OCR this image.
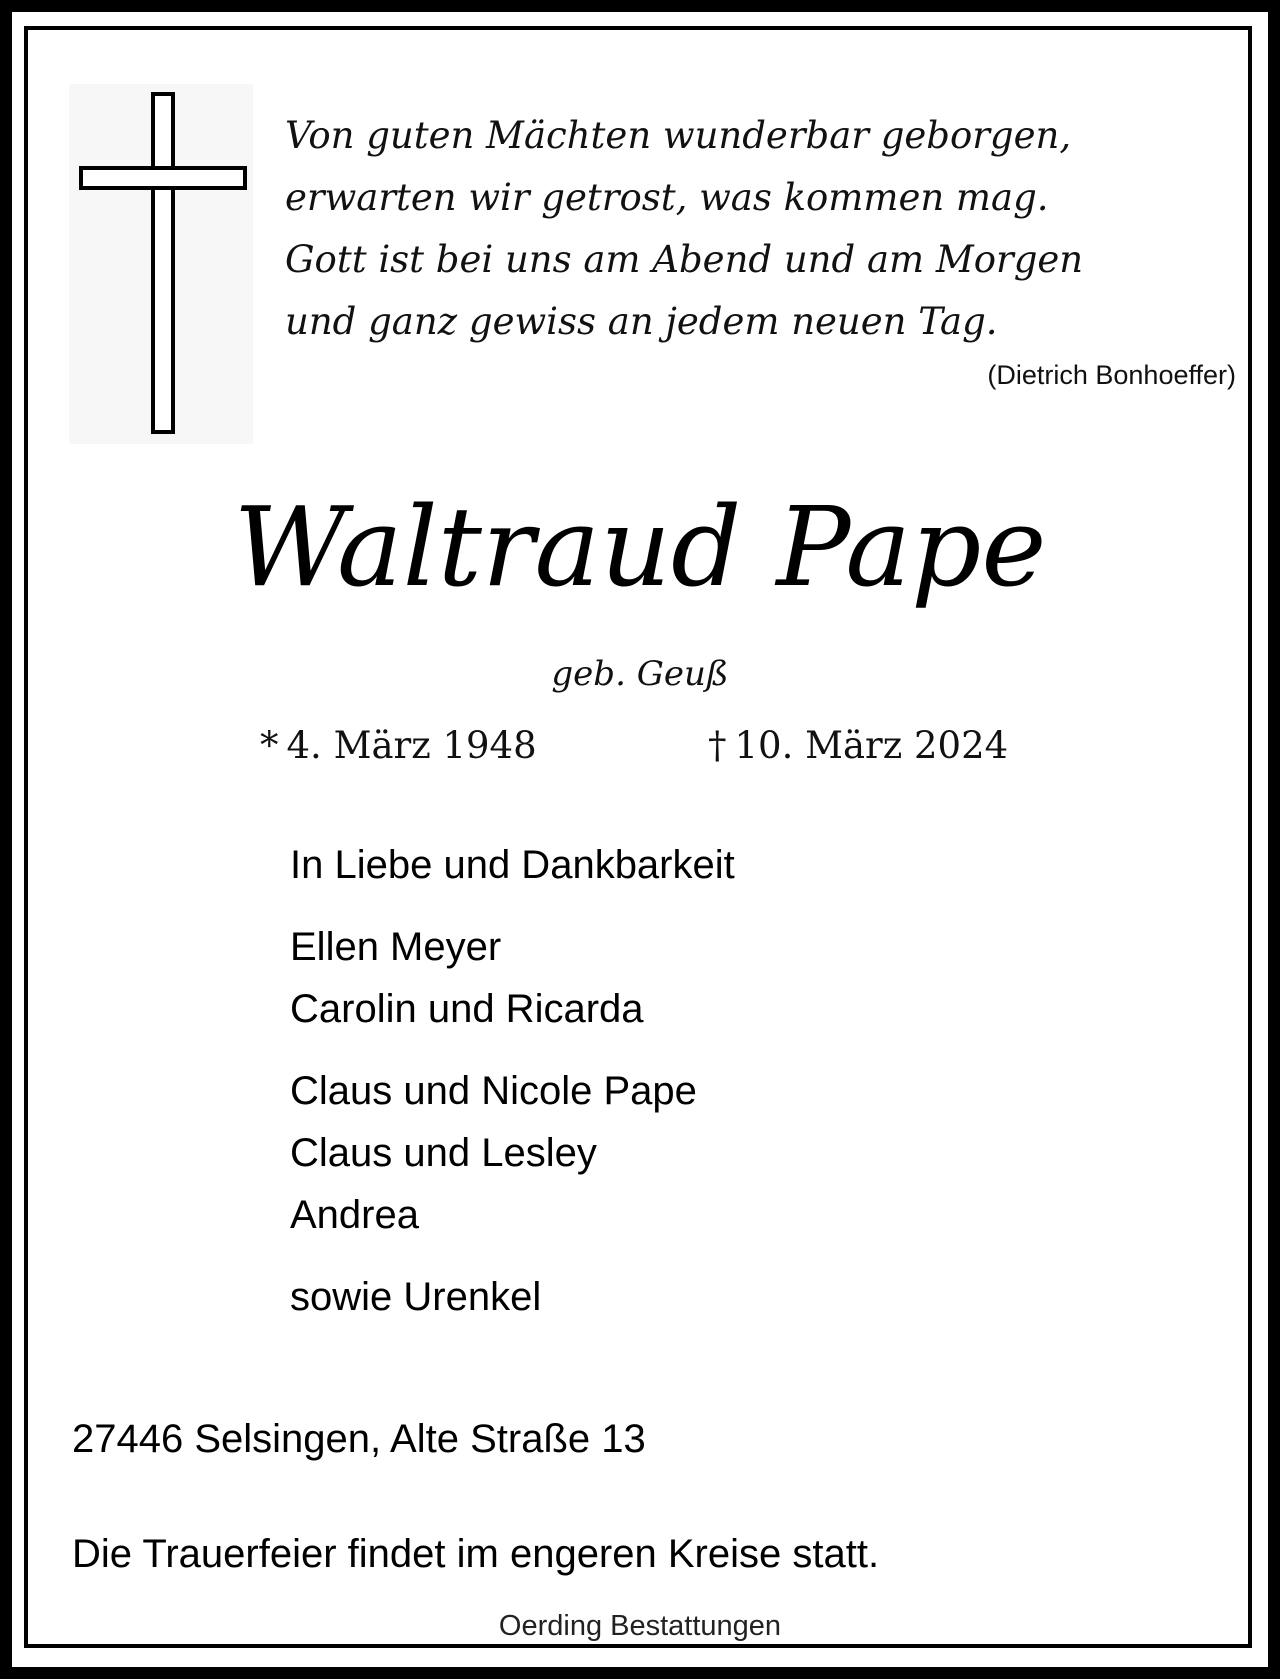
Von guten Mächten wunderbar geborgen,
erwarten wir getrost, was kommen mag.
Gott ist bei uns am Abend und am Morgen
und ganz gewiss an jedem neuen Tag.

(Dietrich Bonhoeffer)
Waltraud Pape
geb. Geuß
* 4. März 1948	† 10. März 2024
In Liebe und Dankbarkeit
Ellen Meyer
Carolin und Ricarda
Claus und Nicole Pape
Claus und Lesley
Andrea
sowie Urenkel
27446 Selsingen, Alte Straße 13
Die Trauerfeier findet im engeren Kreise statt.
Oerding Bestattungen
